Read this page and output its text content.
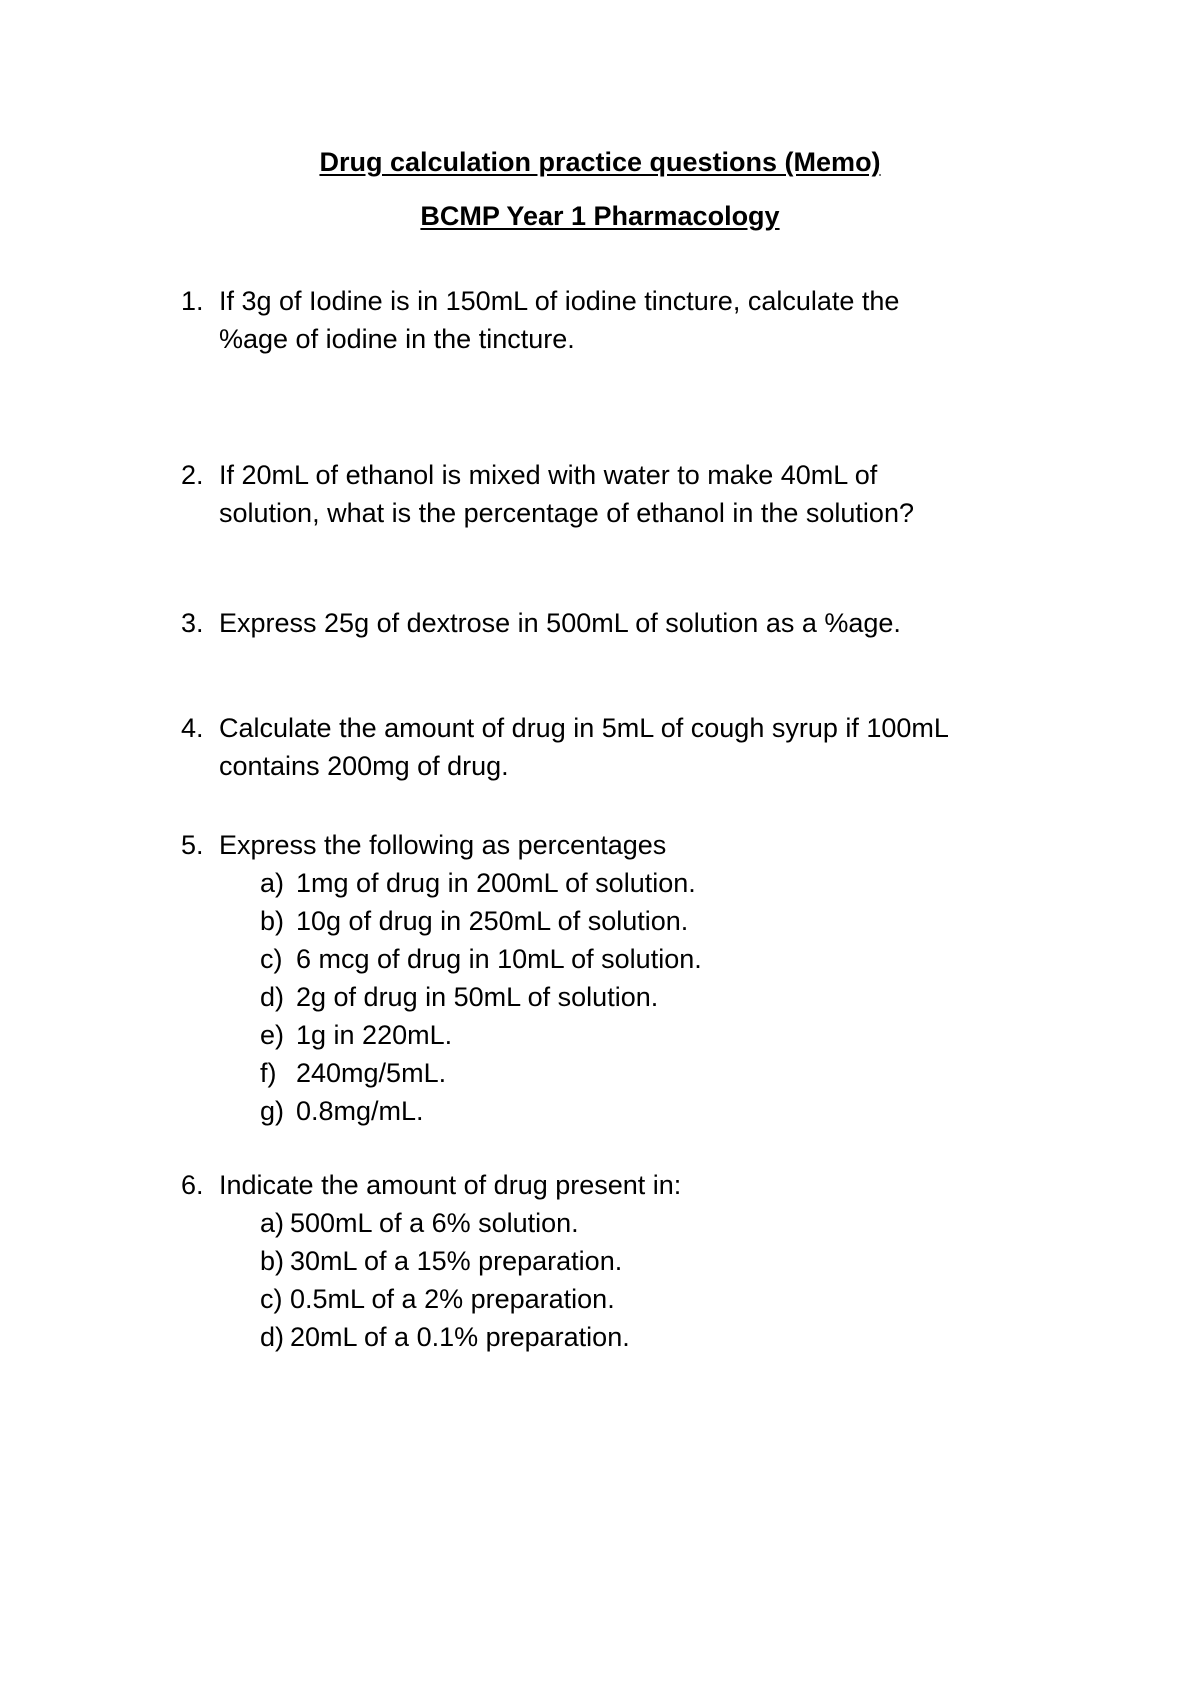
Drug calculation practice questions (Memo)
BCMP Year 1 Pharmacology
1. If 3g of Iodine is in 150mL of iodine tincture, calculate the
%age of iodine in the tincture.
2. If 20mL of ethanol is mixed with water to make 40mL of
solution, what is the percentage of ethanol in the solution?
3. Express 25g of dextrose in 500mL of solution as a %age.
4. Calculate the amount of drug in 5mL of cough syrup if 100mL
contains 200mg of drug.
5. Express the following as percentages
a) 1mg of drug in 200mL of solution.
b) 10g of drug in 250mL of solution.
c) 6 mcg of drug in 10mL of solution.
d) 2g of drug in 50mL of solution.
e) 1g in 220mL.
f) 240mg/5mL.
g) 0.8mg/mL.
6. Indicate the amount of drug present in:
a) 500mL of a 6% solution.
b) 30mL of a 15% preparation.
c) 0.5mL of a 2% preparation.
d) 20mL of a 0.1% preparation.
